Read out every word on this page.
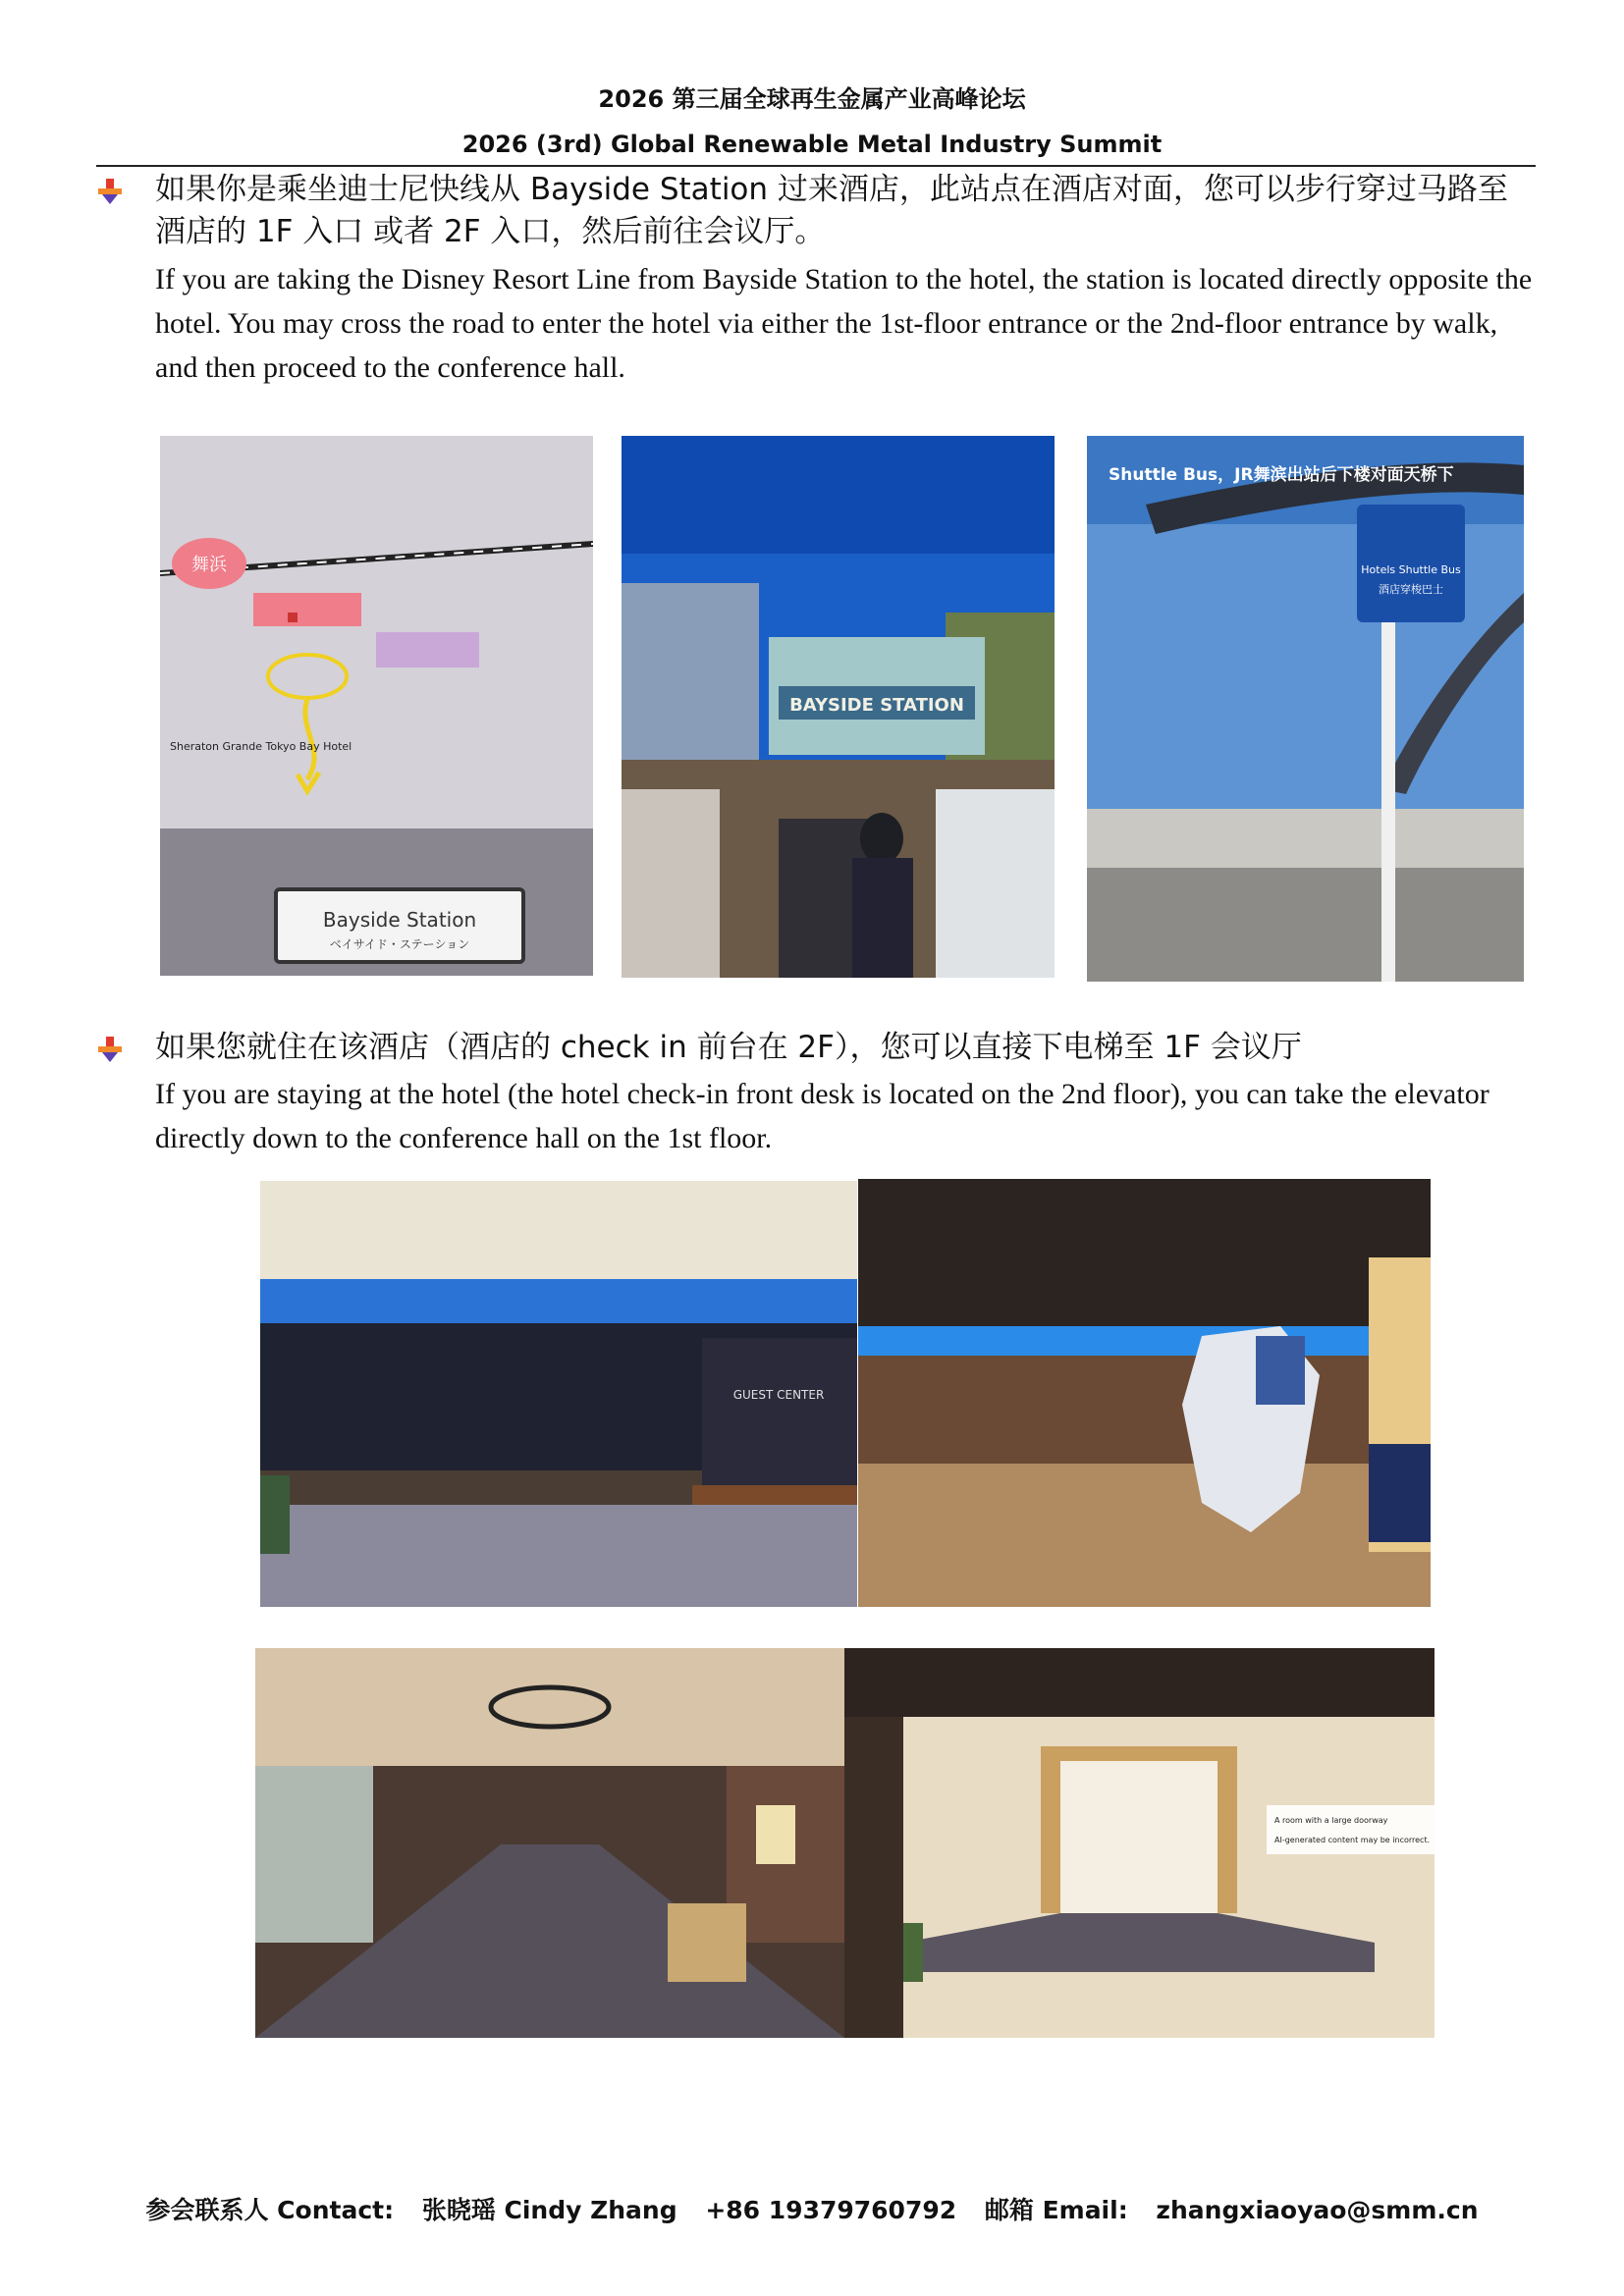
2026 第三届全球再生金属产业高峰论坛
2026 (3rd) Global Renewable Metal Industry Summit
如果你是乘坐迪士尼快线从 Bayside Station 过来酒店，此站点在酒店对面，您可以步行穿过马路至酒店的 1F 入口 或者 2F 入口，然后前往会议厅。
If you are taking the Disney Resort Line from Bayside Station to the hotel, the station is located directly opposite the hotel. You may cross the road to enter the hotel via either the 1st-floor entrance or the 2nd-floor entrance by walk, and then proceed to the conference hall.
舞浜
Sheraton Grande Tokyo Bay Hotel
Bayside Station
ベイサイド・ステーション
BAYSIDE STATION
Hotels Shuttle Bus
酒店穿梭巴士
Shuttle Bus，JR舞滨出站后下楼对面天桥下
如果您就住在该酒店（酒店的 check in 前台在 2F），您可以直接下电梯至 1F 会议厅
If you are staying at the hotel (the hotel check-in front desk is located on the 2nd floor), you can take the elevator directly down to the conference hall on the 1st floor.
GUEST CENTER
A room with a large doorway
AI-generated content may be incorrect.
参会联系人 Contact: 张晓瑶 Cindy Zhang +86 19379760792 邮箱 Email: zhangxiaoyao@smm.cn
